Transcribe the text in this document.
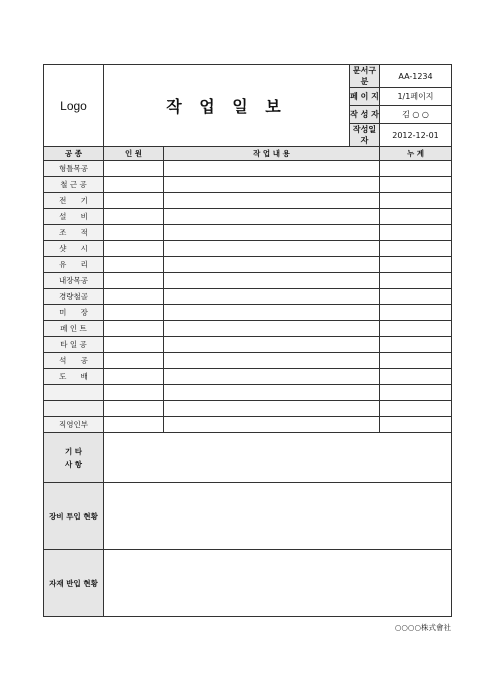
Logo	작 업 일 보		문서구분	AA-1234
			페 이 지	1/1페이지
			작 성 자	김 ○ ○
			작성일자	2012-12-01
공 종	인 원	작 업 내 용		누 계
형틀목공				
철 근 공				
전      기				
설      비				
조      적				
샷      시				
유      리				
내장목공				
경량철골				
미      장				
페 인 트				
타 일 공				
석      공				
도      배				

직영인부				
기 타
사 항				
장비 투입 현황				
자재 반입 현황				
○○○○株式會社
